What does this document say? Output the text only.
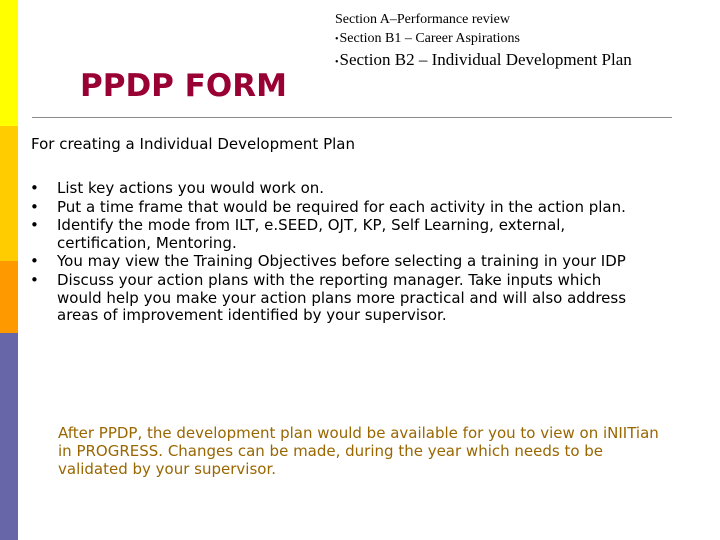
Section A–Performance review
•Section B1 – Career Aspirations
•Section B2 – Individual Development Plan
PPDP FORM
For creating a Individual Development Plan
• List key actions you would work on.
• Put a time frame that would be required for each activity in the action plan.
• Identify the mode from ILT, e.SEED, OJT, KP, Self Learning, external, certification, Mentoring.
• You may view the Training Objectives before selecting a training in your IDP
• Discuss your action plans with the reporting manager. Take inputs which would help you make your action plans more practical and will also address areas of improvement identified by your supervisor.

After PPDP, the development plan would be available for you to view on iNIITian in PROGRESS. Changes can be made, during the year which needs to be validated by your supervisor.
